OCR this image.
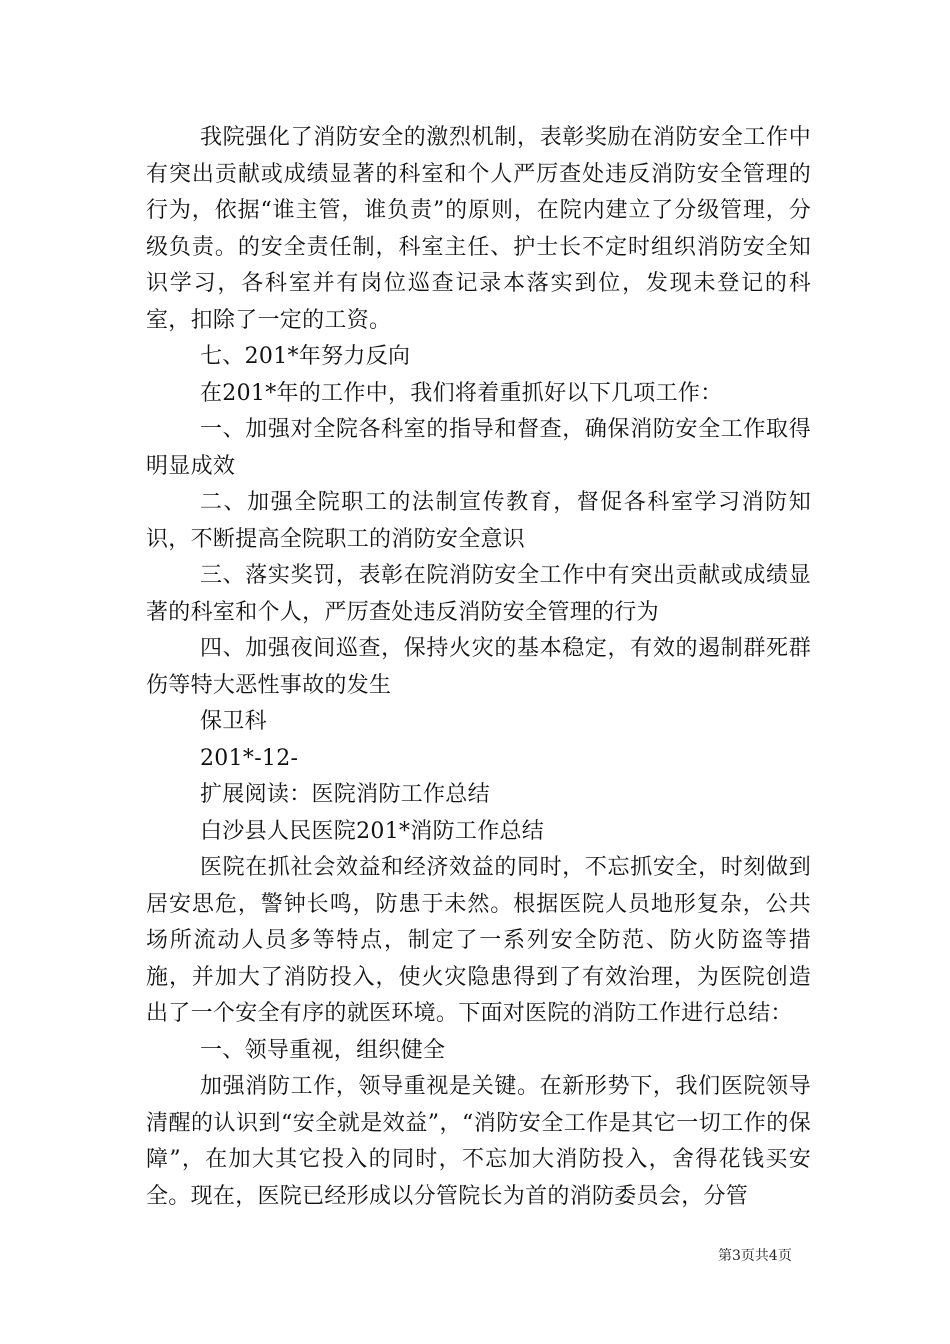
我院强化了消防安全的激烈机制，表彰奖励在消防安全工作中有突出贡献或成绩显著的科室和个人严厉查处违反消防安全管理的行为，依据“谁主管，谁负责”的原则，在院内建立了分级管理，分级负责。的安全责任制，科室主任、护士长不定时组织消防安全知识学习，各科室并有岗位巡查记录本落实到位，发现未登记的科室，扣除了一定的工资。

七、201*年努力反向

在201*年的工作中，我们将着重抓好以下几项工作：

一、加强对全院各科室的指导和督查，确保消防安全工作取得明显成效

二、加强全院职工的法制宣传教育，督促各科室学习消防知识，不断提高全院职工的消防安全意识

三、落实奖罚，表彰在院消防安全工作中有突出贡献或成绩显著的科室和个人，严厉查处违反消防安全管理的行为

四、加强夜间巡查，保持火灾的基本稳定，有效的遏制群死群伤等特大恶性事故的发生

保卫科

201*-12-

扩展阅读：医院消防工作总结

白沙县人民医院201*消防工作总结

医院在抓社会效益和经济效益的同时，不忘抓安全，时刻做到居安思危，警钟长鸣，防患于未然。根据医院人员地形复杂，公共场所流动人员多等特点，制定了一系列安全防范、防火防盗等措施，并加大了消防投入，使火灾隐患得到了有效治理，为医院创造出了一个安全有序的就医环境。下面对医院的消防工作进行总结：

一、领导重视，组织健全

加强消防工作，领导重视是关键。在新形势下，我们医院领导清醒的认识到“安全就是效益”，“消防安全工作是其它一切工作的保障”，在加大其它投入的同时，不忘加大消防投入，舍得花钱买安全。现在，医院已经形成以分管院长为首的消防委员会，分管

第3页共4页
